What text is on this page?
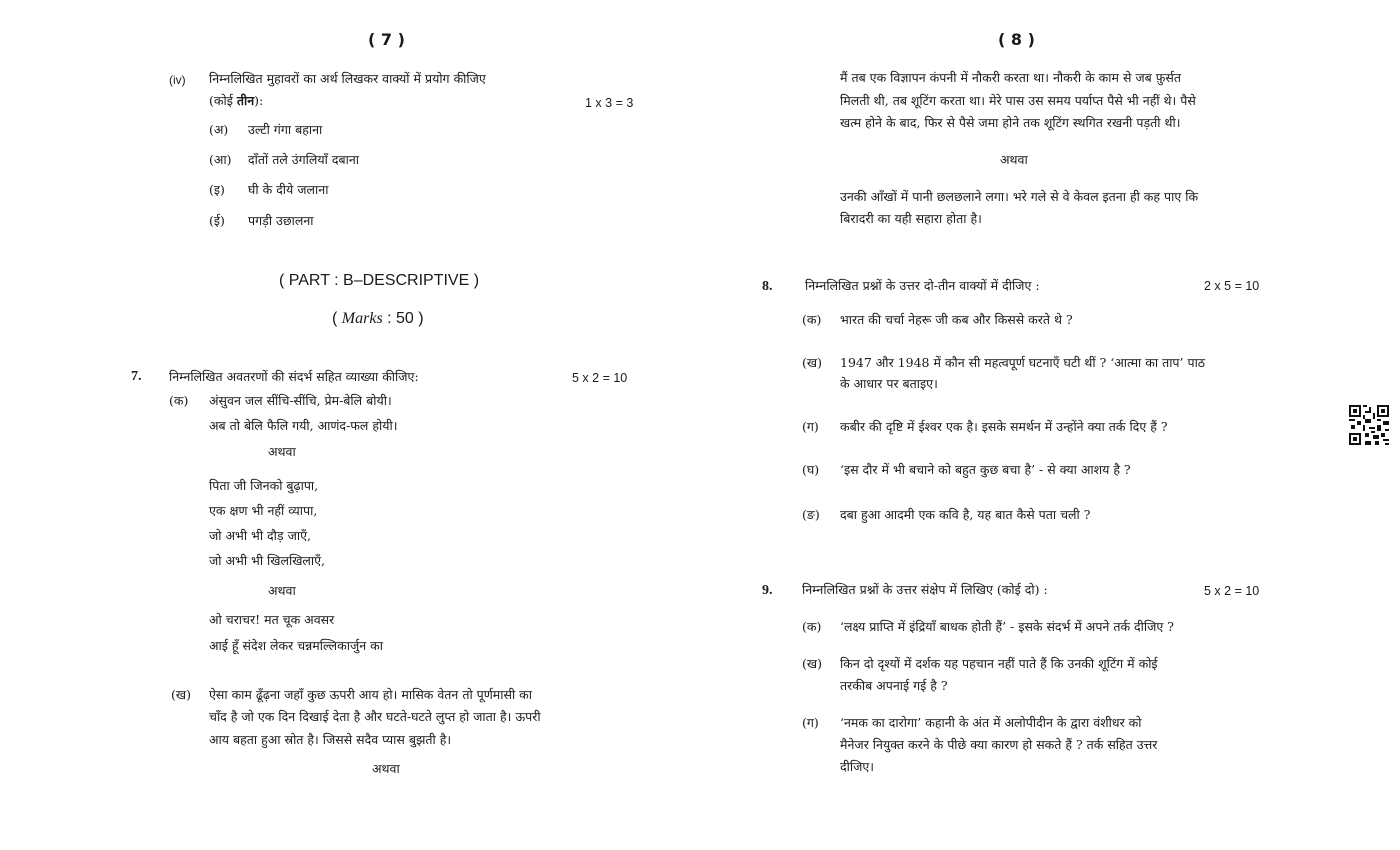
( 7 )
(iv) निम्नलिखित मुहावरों का अर्थ लिखकर वाक्यों में प्रयोग कीजिए
(कोई तीन):	1 x 3 = 3
(अ) उल्टी गंगा बहाना
(आ) दाँतों तले उंगलियाँ दबाना
(इ) घी के दीये जलाना
(ई) पगड़ी उछालना
( PART : B–DESCRIPTIVE )
( Marks : 50 )
7. निम्नलिखित अवतरणों की संदर्भ सहित व्याख्या कीजिए:	5 x 2 = 10
(क) अंसुवन जल सींचि-सींचि, प्रेम-बेलि बोयी।
अब तो बेलि फैलि गयी, आणंद-फल होयी।
अथवा
पिता जी जिनको बुढ़ापा,
एक क्षण भी नहीं व्यापा,
जो अभी भी दौड़ जाएँ,
जो अभी भी खिलखिलाएँ,
अथवा
ओ चराचर! मत चूक अवसर
आई हूँ संदेश लेकर चन्नमल्लिकार्जुन का
(ख) ऐसा काम ढूँढ़ना जहाँ कुछ ऊपरी आय हो। मासिक वेतन तो पूर्णमासी का
चाँद है जो एक दिन दिखाई देता है और घटते-घटते लुप्त हो जाता है। ऊपरी
आय बहता हुआ स्रोत है। जिससे सदैव प्यास बुझती है।
अथवा
( 8 )
मैं तब एक विज्ञापन कंपनी में नौकरी करता था। नौकरी के काम से जब फ़ुर्सत
मिलती थी, तब शूटिंग करता था। मेरे पास उस समय पर्याप्त पैसे भी नहीं थे। पैसे
खत्म होने के बाद, फिर से पैसे जमा होने तक शूटिंग स्थगित रखनी पड़ती थी।
अथवा
उनकी आँखों में पानी छलछलाने लगा। भरे गले से वे केवल इतना ही कह पाए कि
बिरादरी का यही सहारा होता है।
8.	निम्नलिखित प्रश्नों के उत्तर दो-तीन वाक्यों में दीजिए :	2 x 5 = 10
(क) भारत की चर्चा नेहरू जी कब और किससे करते थे ?
(ख) 1947 और 1948 में कौन सी महत्वपूर्ण घटनाएँ घटी थीं ? ‘आत्मा का ताप’ पाठ
के आधार पर बताइए।
(ग) कबीर की दृष्टि में ईश्वर एक है। इसके समर्थन में उन्होंने क्या तर्क दिए हैं ?
(घ) ‘इस दौर में भी बचाने को बहुत कुछ बचा है’ - से क्या आशय है ?
(ङ) दबा हुआ आदमी एक कवि है, यह बात कैसे पता चली ?
9. निम्नलिखित प्रश्नों के उत्तर संक्षेप में लिखिए (कोई दो) :	5 x 2 = 10
(क) ‘लक्ष्य प्राप्ति में इंद्रियाँ बाधक होती हैं’ - इसके संदर्भ में अपने तर्क दीजिए ?
(ख) किन दो दृश्यों में दर्शक यह पहचान नहीं पाते हैं कि उनकी शूटिंग में कोई
तरकीब अपनाई गई है ?
(ग) ‘नमक का दारोगा’ कहानी के अंत में अलोपीदीन के द्वारा वंशीधर को
मैनेजर नियुक्त करने के पीछे क्या कारण हो सकते हैं ? तर्क सहित उत्तर
दीजिए।
